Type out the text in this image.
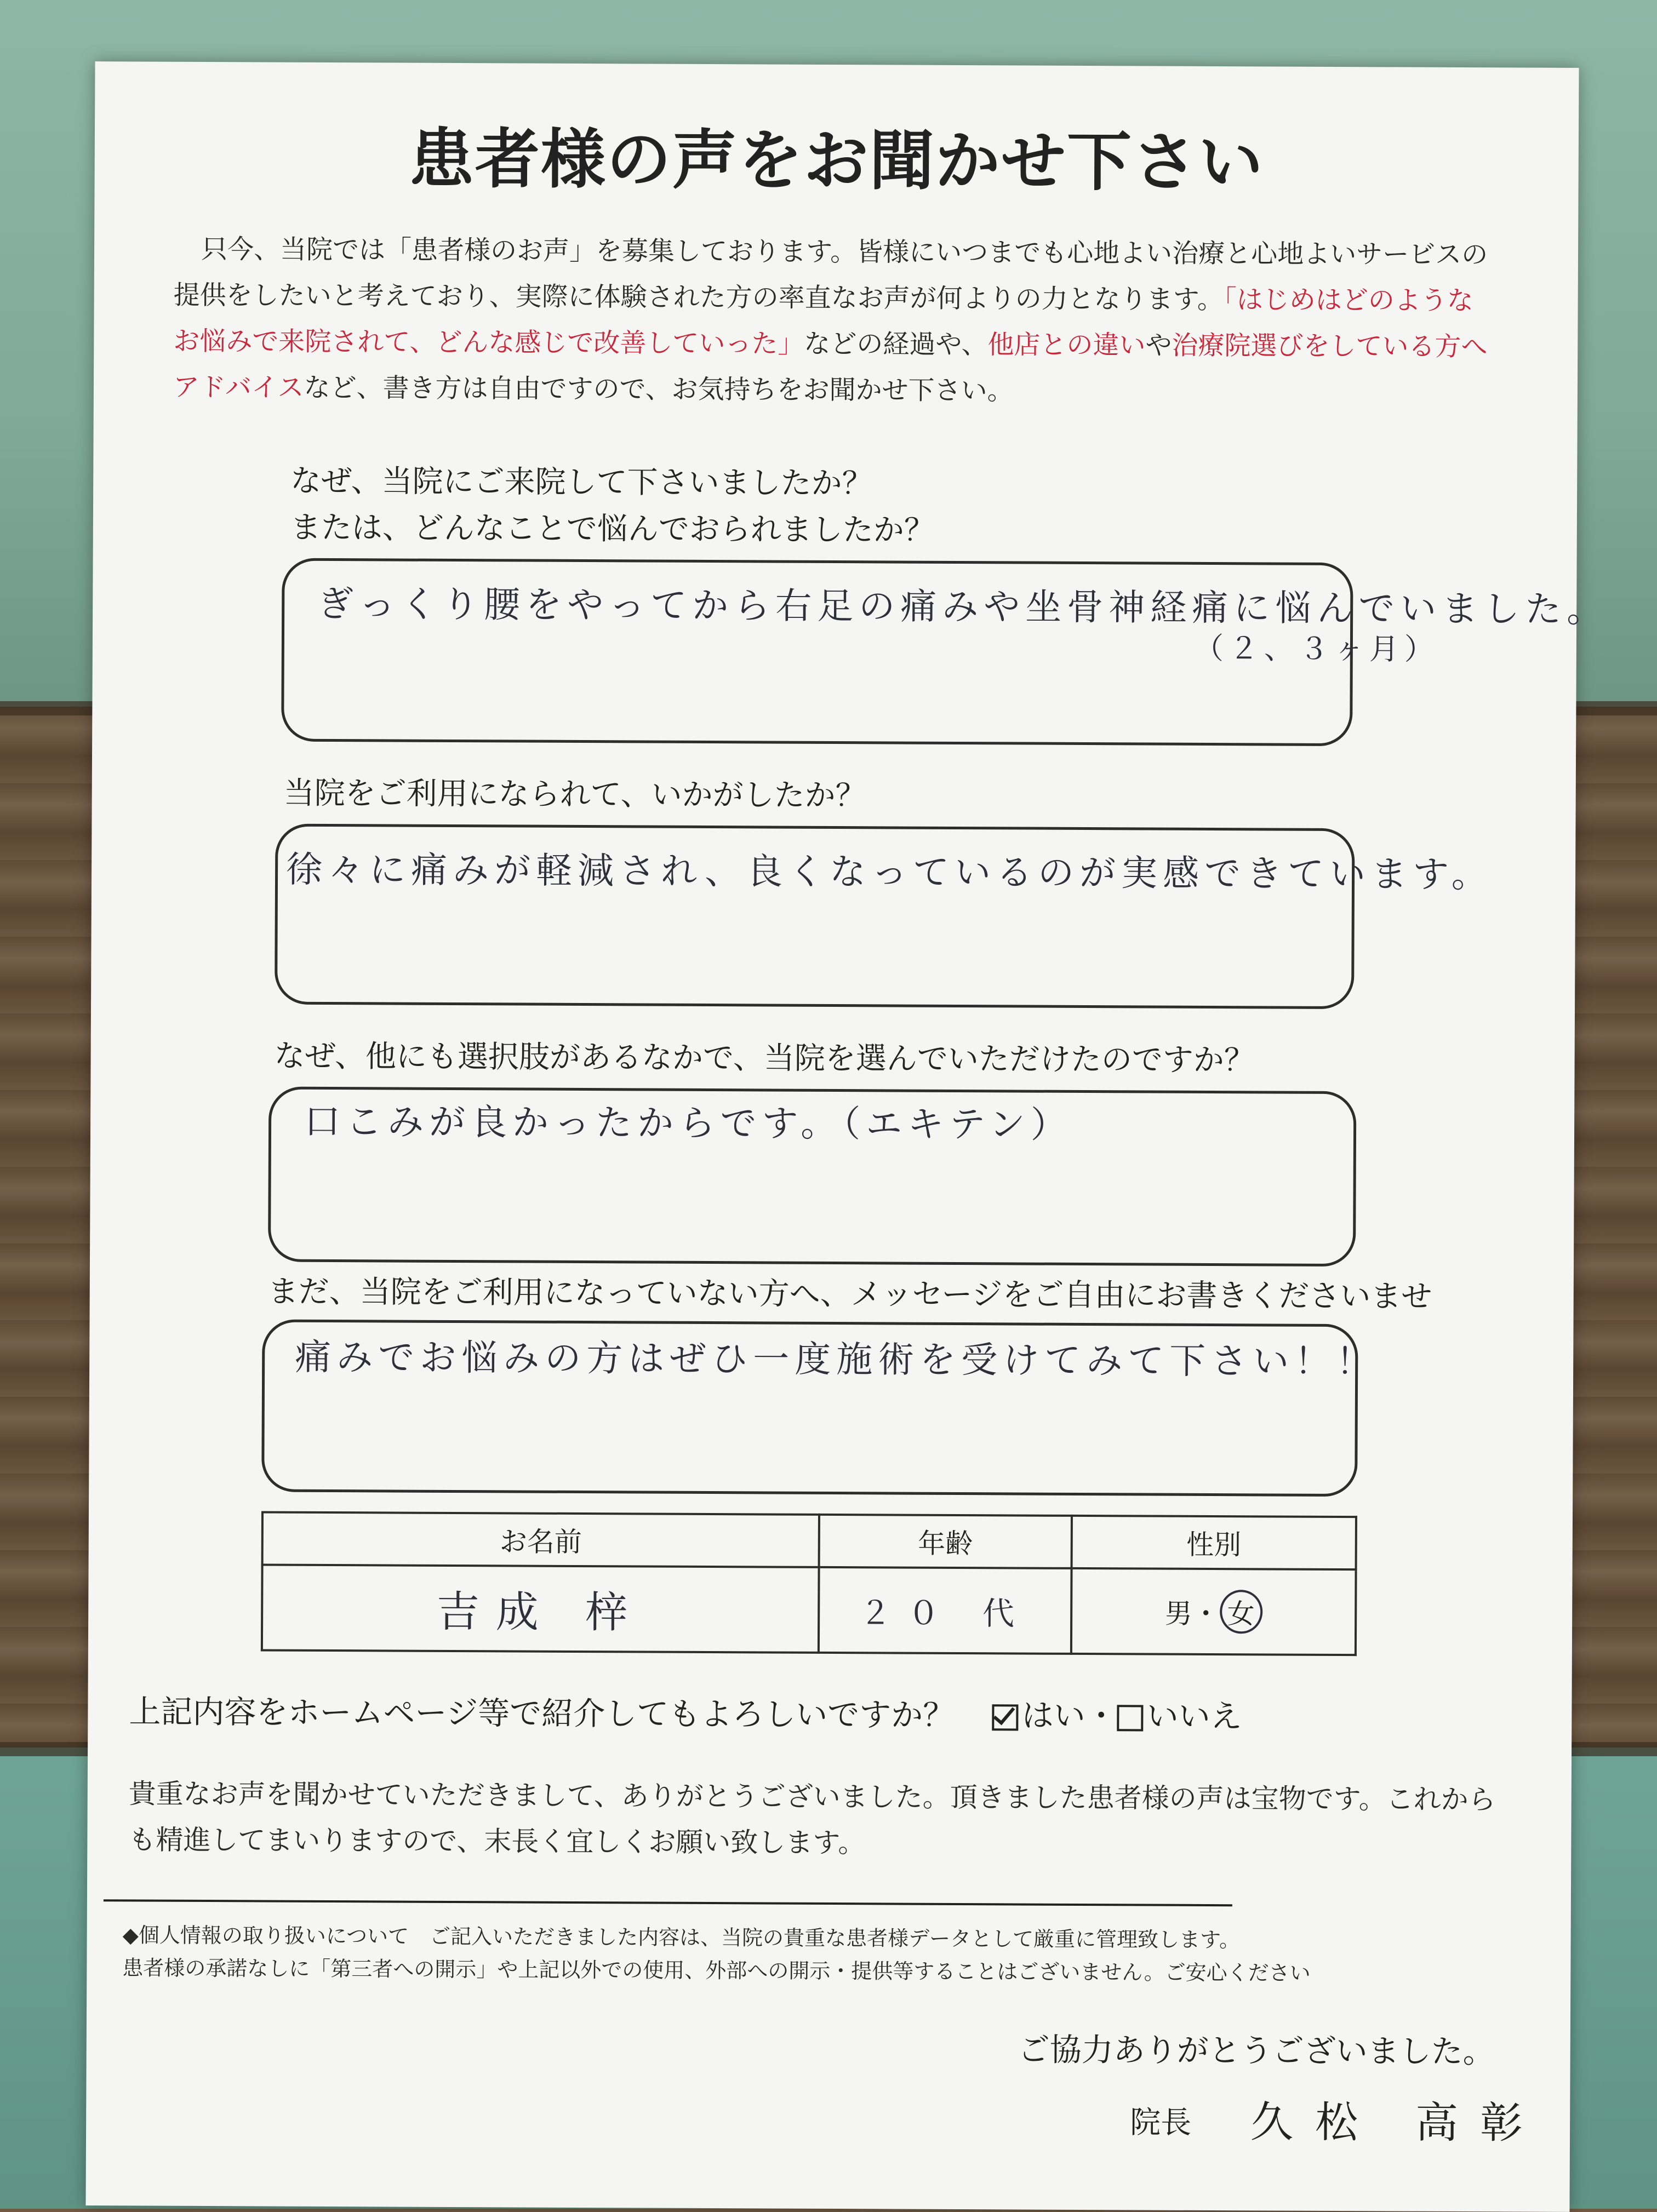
患者様の声をお聞かせ下さい
只今、当院では「患者様のお声」を募集しております。皆様にいつまでも心地よい治療と心地よいサービスの提供をしたいと考えており、実際に体験された方の率直なお声が何よりの力となります。「はじめはどのようなお悩みで来院されて、どんな感じで改善していった」などの経過や、他店との違いや治療院選びをしている方へアドバイスなど、書き方は自由ですので、お気持ちをお聞かせ下さい。
なぜ、当院にご来院して下さいましたか？
または、どんなことで悩んでおられましたか？
ぎっくり腰をやってから右足の痛みや坐骨神経痛に悩んでいました。
（２、３ヶ月）
当院をご利用になられて、いかがしたか？
徐々に痛みが軽減され、良くなっているのが実感できています。
なぜ、他にも選択肢があるなかで、当院を選んでいただけたのですか？
口こみが良かったからです。（エキテン）
まだ、当院をご利用になっていない方へ、メッセージをご自由にお書きくださいませ
痛みでお悩みの方はぜひ一度施術を受けてみて下さい！！
お名前	年齢	性別
吉成 梓	２０ 代	男・ 女
上記内容をホームページ等で紹介してもよろしいですか？ はい・ いいえ
貴重なお声を聞かせていただきまして、ありがとうございました。頂きました患者様の声は宝物です。これからも精進してまいりますので、末長く宜しくお願い致します。
◆個人情報の取り扱いについて　ご記入いただきました内容は、当院の貴重な患者様データとして厳重に管理致します。
患者様の承諾なしに「第三者への開示」や上記以外での使用、外部への開示・提供等することはございません。ご安心ください
ご協力ありがとうございました。
院長 久松 高彰
